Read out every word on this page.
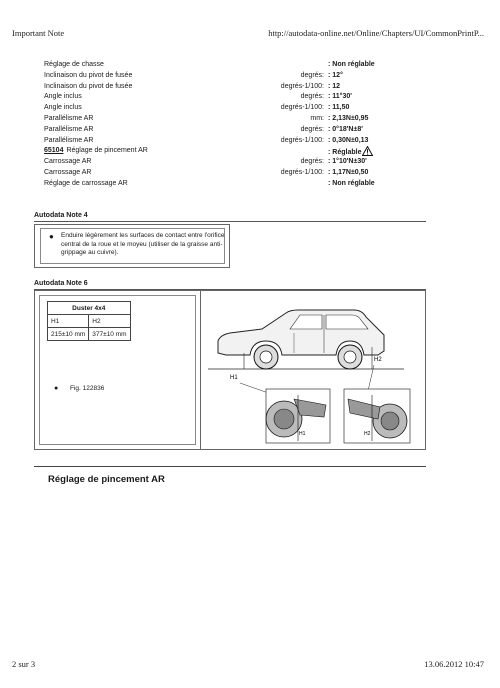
Important Note	http://autodata-online.net/Online/Chapters/UI/CommonPrintP...
Réglage de chasse	: Non réglable
Inclinaison du pivot de fusée	degrés: : 12°
Inclinaison du pivot de fusée	degrés-1/100: : 12
Angle inclus	degrés: : 11°30'
Angle inclus	degrés-1/100: : 11,50
Parallélisme AR	mm: : 2,13N±0,95
Parallélisme AR	degrés: : 0°18'N±8'
Parallélisme AR	degrés-1/100: : 0,30N±0,13
65104 Réglage de pincement AR	: Réglable
Carrossage AR	degrés: : 1°10'N±30'
Carrossage AR	degrés-1/100: : 1,17N±0,50
Réglage de carrossage AR	: Non réglable
Autodata Note 4
● Enduire légèrement les surfaces de contact entre l'orifice central de la roue et le moyeu (utiliser de la graisse anti-grippage au cuivre).
Autodata Note 6
Duster 4x4	
H1	H2
215±10 mm	377±10 mm
● Fig. 122836
H1
H2
H1	H2
Réglage de pincement AR
2 sur 3	13.06.2012 10:47
